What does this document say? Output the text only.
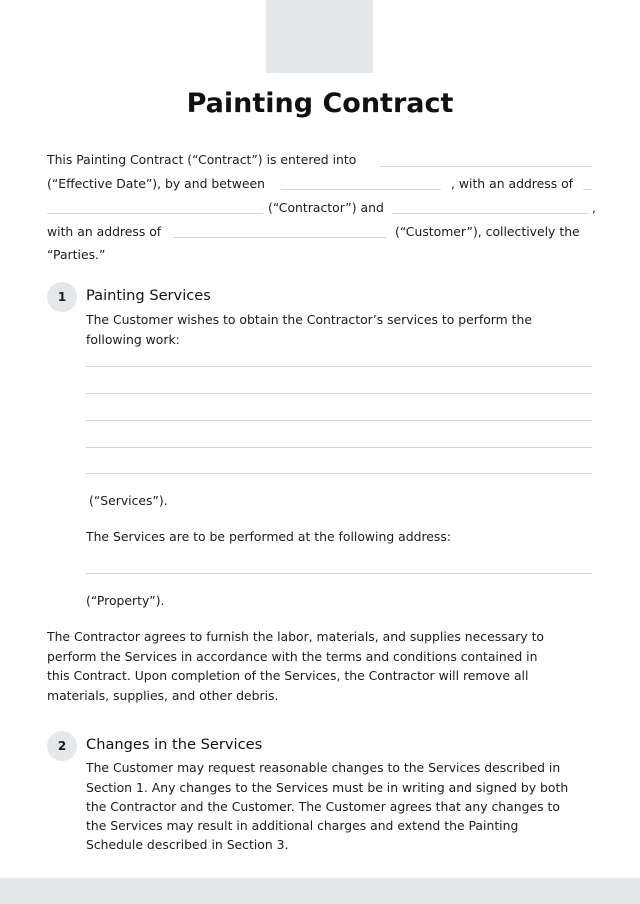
Painting Contract
This Painting Contract (“Contract”) is entered into
(“Effective Date”), by and between	, with an address of
(“Contractor”) and	,
with an address of	(“Customer”), collectively the
“Parties.”
1	Painting Services
The Customer wishes to obtain the Contractor’s services to perform the
following work:
(“Services”).
The Services are to be performed at the following address:
(“Property”).
The Contractor agrees to furnish the labor, materials, and supplies necessary to
perform the Services in accordance with the terms and conditions contained in
this Contract. Upon completion of the Services, the Contractor will remove all
materials, supplies, and other debris.
2	Changes in the Services
The Customer may request reasonable changes to the Services described in
Section 1. Any changes to the Services must be in writing and signed by both
the Contractor and the Customer. The Customer agrees that any changes to
the Services may result in additional charges and extend the Painting
Schedule described in Section 3.
